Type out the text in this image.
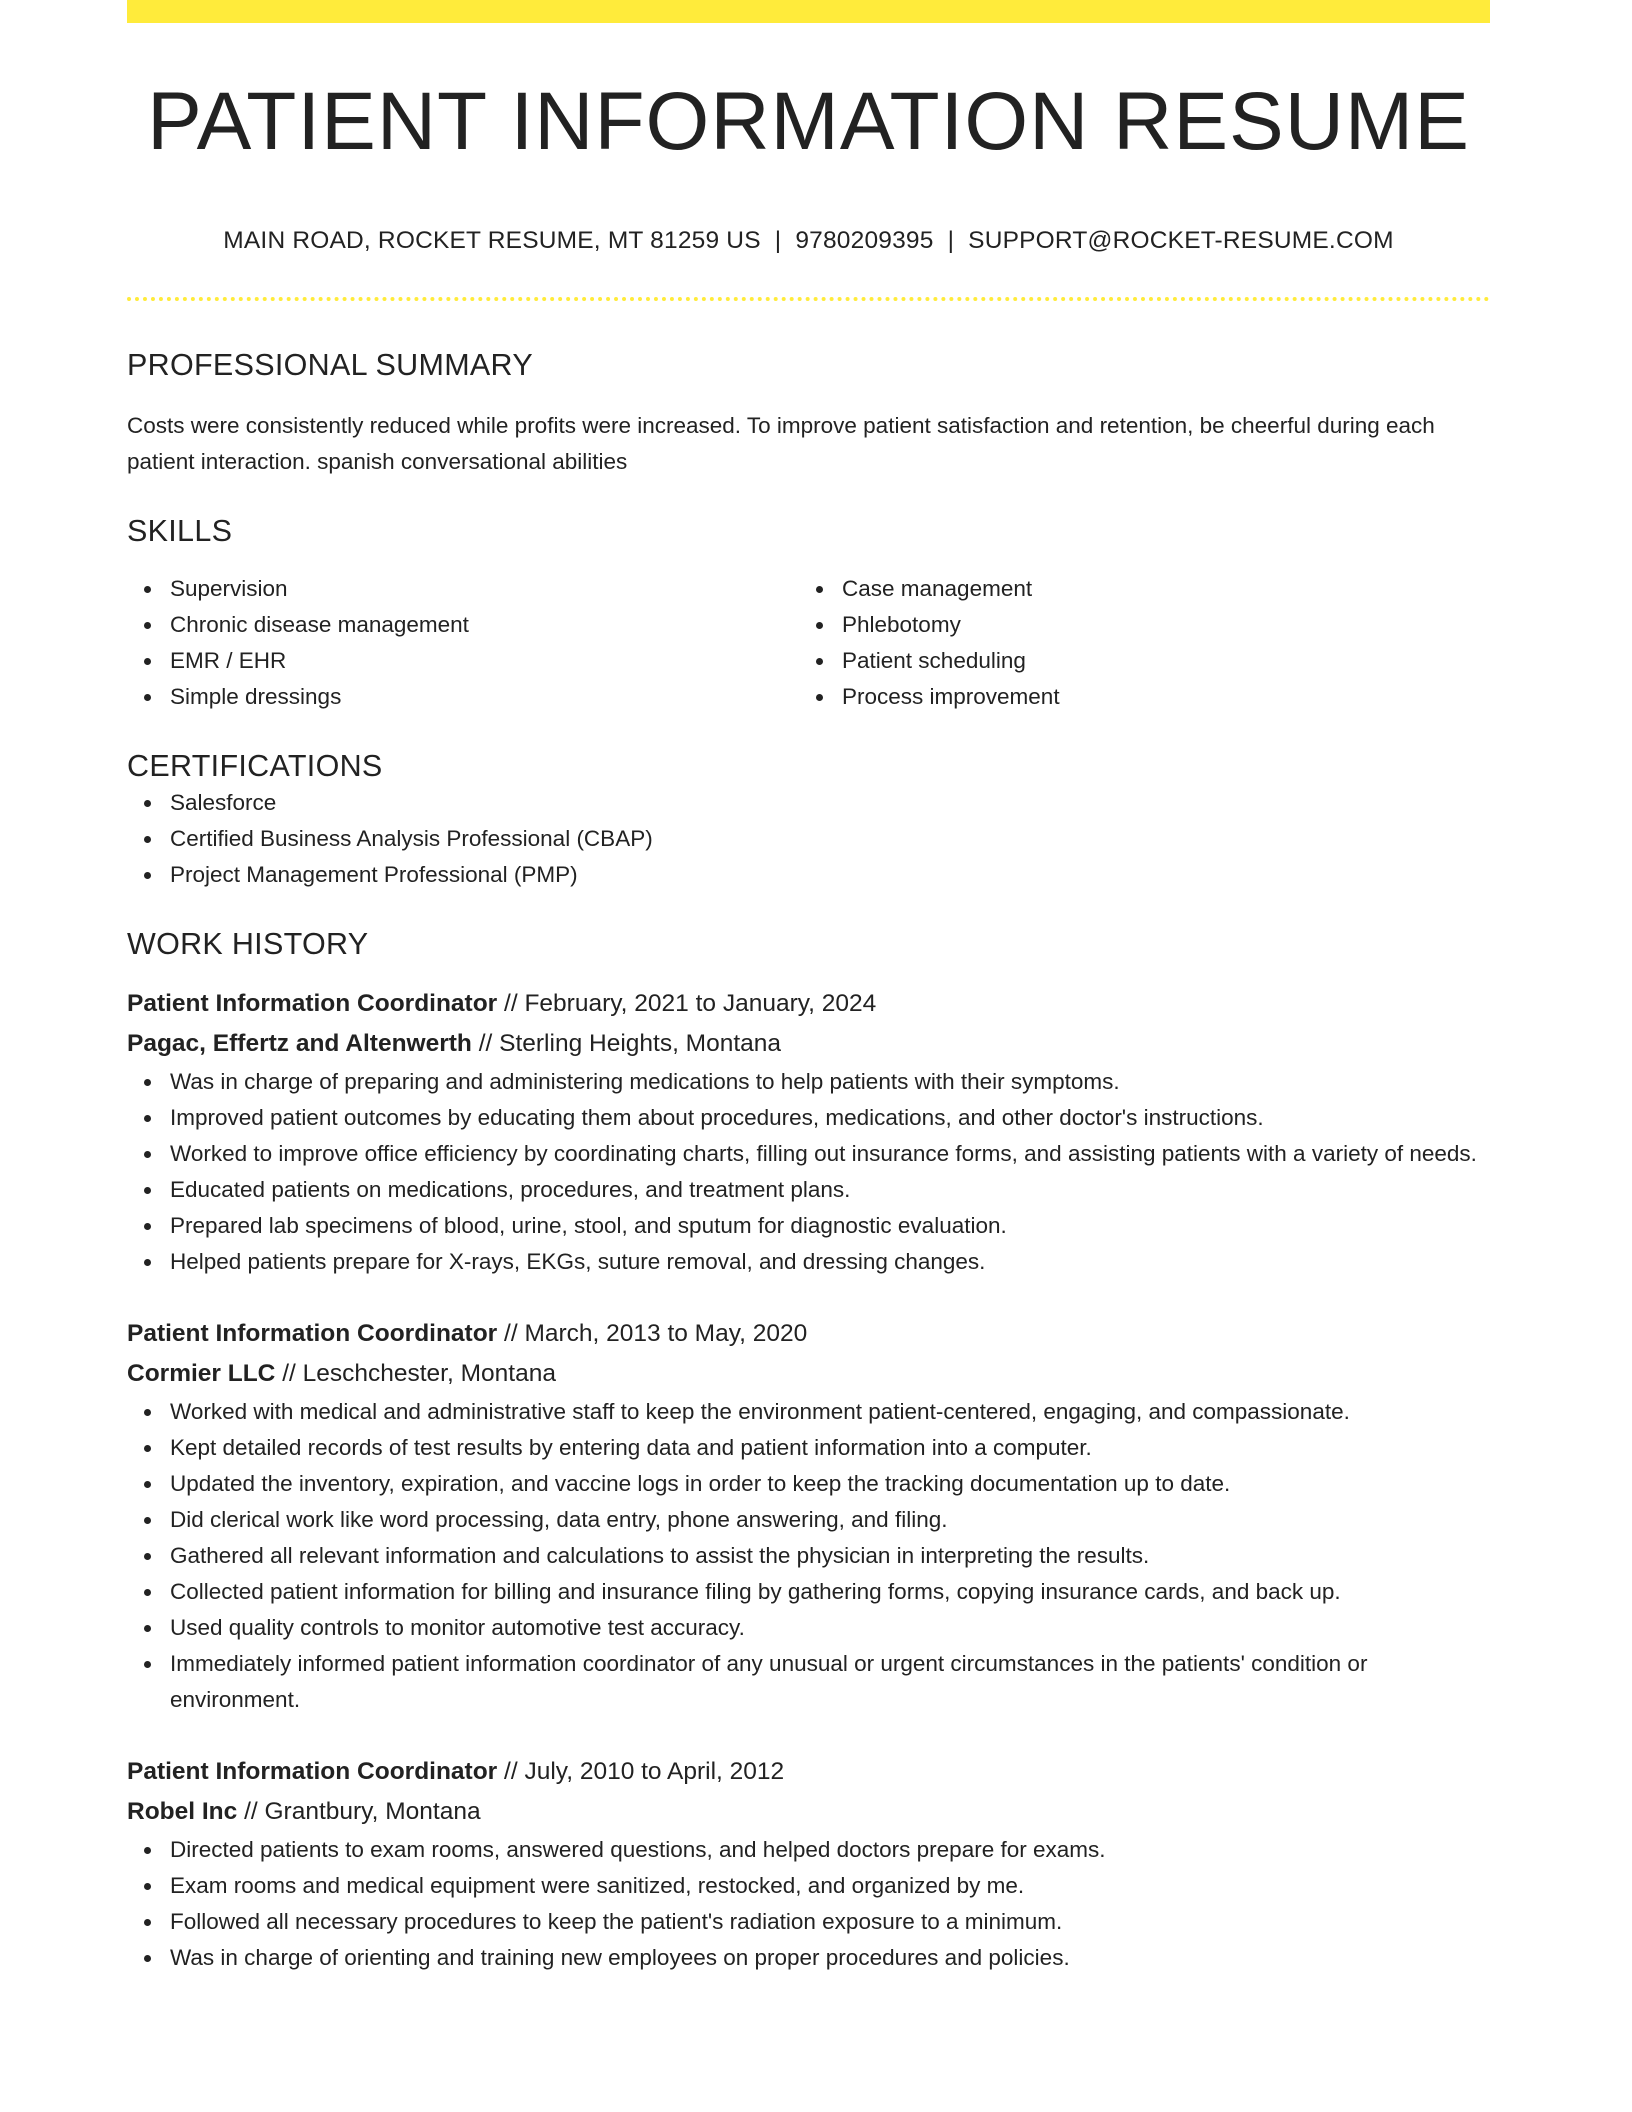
PATIENT INFORMATION RESUME
MAIN ROAD, ROCKET RESUME, MT 81259 US | 9780209395 | SUPPORT@ROCKET-RESUME.COM
PROFESSIONAL SUMMARY

Costs were consistently reduced while profits were increased. To improve patient satisfaction and retention, be cheerful during each patient interaction. spanish conversational abilities

SKILLS
Supervision
Chronic disease management
EMR / EHR
Simple dressings
Case management
Phlebotomy
Patient scheduling
Process improvement
CERTIFICATIONS
Salesforce
Certified Business Analysis Professional (CBAP)
Project Management Professional (PMP)
WORK HISTORY
Patient Information Coordinator // February, 2021 to January, 2024
Pagac, Effertz and Altenwerth // Sterling Heights, Montana
Was in charge of preparing and administering medications to help patients with their symptoms.
Improved patient outcomes by educating them about procedures, medications, and other doctor's instructions.
Worked to improve office efficiency by coordinating charts, filling out insurance forms, and assisting patients with a variety of needs.
Educated patients on medications, procedures, and treatment plans.
Prepared lab specimens of blood, urine, stool, and sputum for diagnostic evaluation.
Helped patients prepare for X-rays, EKGs, suture removal, and dressing changes.
Patient Information Coordinator // March, 2013 to May, 2020
Cormier LLC // Leschchester, Montana
Worked with medical and administrative staff to keep the environment patient-centered, engaging, and compassionate.
Kept detailed records of test results by entering data and patient information into a computer.
Updated the inventory, expiration, and vaccine logs in order to keep the tracking documentation up to date.
Did clerical work like word processing, data entry, phone answering, and filing.
Gathered all relevant information and calculations to assist the physician in interpreting the results.
Collected patient information for billing and insurance filing by gathering forms, copying insurance cards, and back up.
Used quality controls to monitor automotive test accuracy.
Immediately informed patient information coordinator of any unusual or urgent circumstances in the patients' condition or environment.
Patient Information Coordinator // July, 2010 to April, 2012
Robel Inc // Grantbury, Montana
Directed patients to exam rooms, answered questions, and helped doctors prepare for exams.
Exam rooms and medical equipment were sanitized, restocked, and organized by me.
Followed all necessary procedures to keep the patient's radiation exposure to a minimum.
Was in charge of orienting and training new employees on proper procedures and policies.
